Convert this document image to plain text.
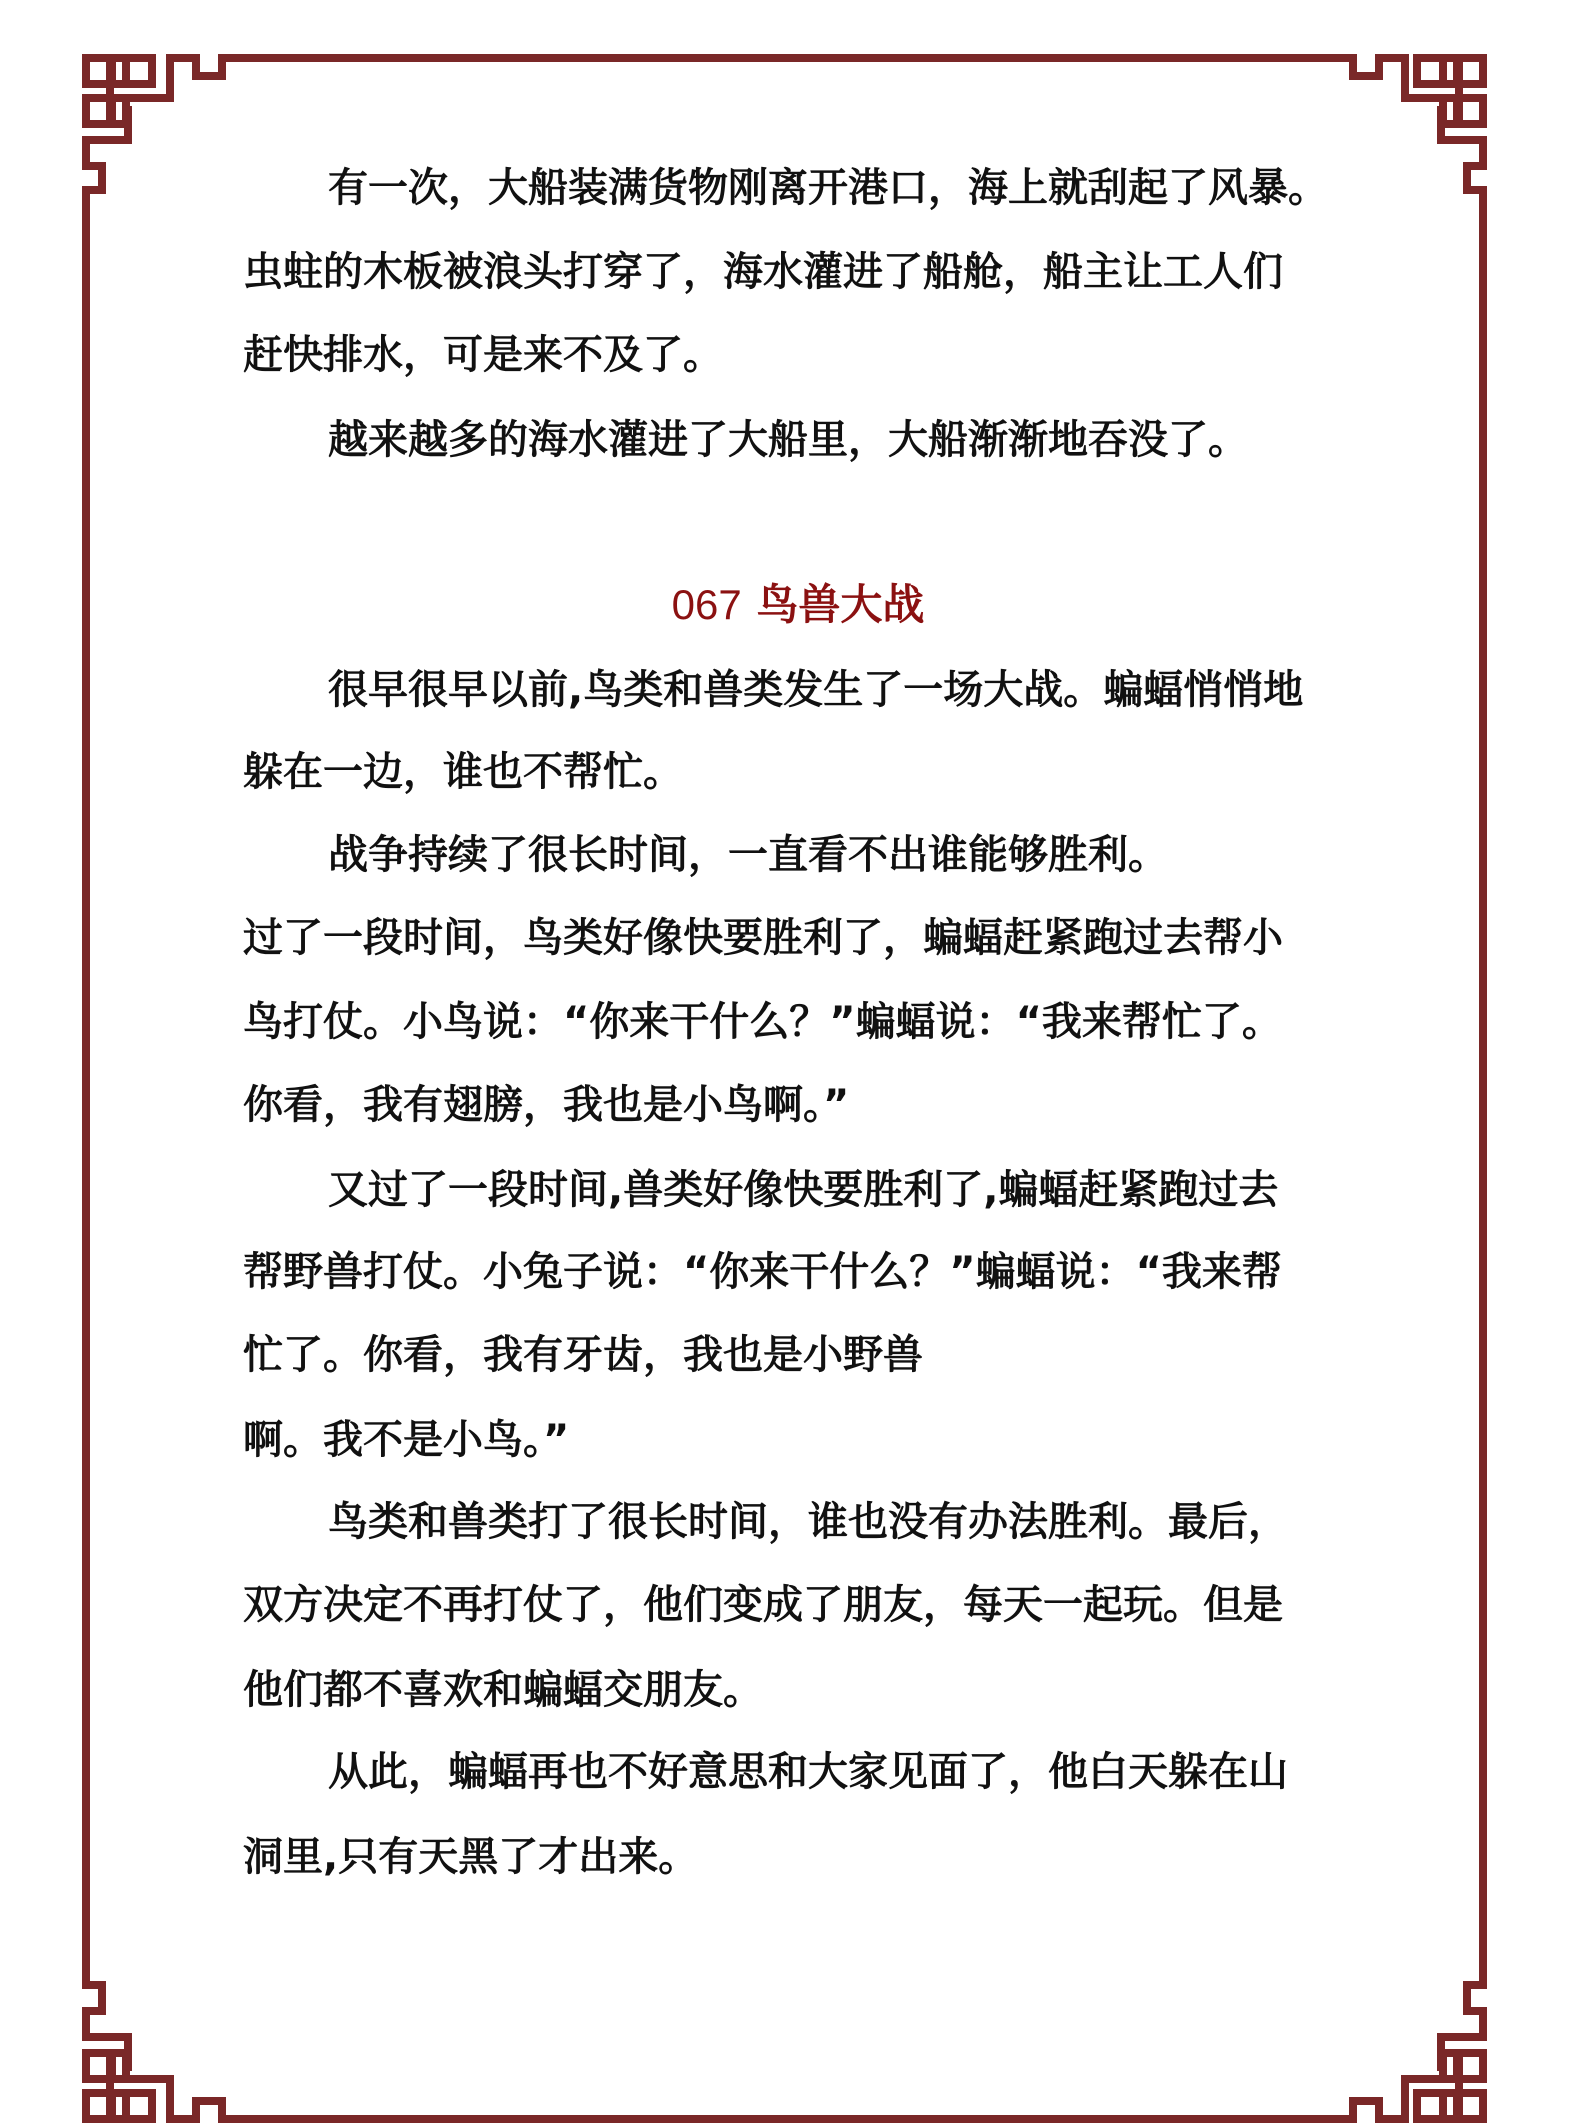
有一次，大船装满货物刚离开港口，海上就刮起了风暴。
虫蛀的木板被浪头打穿了，海水灌进了船舱，船主让工人们
赶快排水，可是来不及了。
越来越多的海水灌进了大船里，大船渐渐地吞没了。
067 鸟兽大战
很早很早以前,鸟类和兽类发生了一场大战。蝙蝠悄悄地
躲在一边，谁也不帮忙。
战争持续了很长时间，一直看不出谁能够胜利。
过了一段时间，鸟类好像快要胜利了，蝙蝠赶紧跑过去帮小
鸟打仗。小鸟说：“你来干什么？”蝙蝠说：“我来帮忙了。
你看，我有翅膀，我也是小鸟啊。”
又过了一段时间,兽类好像快要胜利了,蝙蝠赶紧跑过去
帮野兽打仗。小兔子说：“你来干什么？”蝙蝠说：“我来帮
忙了。你看，我有牙齿，我也是小野兽
啊。我不是小鸟。”
鸟类和兽类打了很长时间，谁也没有办法胜利。最后，
双方决定不再打仗了，他们变成了朋友，每天一起玩。但是
他们都不喜欢和蝙蝠交朋友。
从此，蝙蝠再也不好意思和大家见面了，他白天躲在山
洞里,只有天黑了才出来。
